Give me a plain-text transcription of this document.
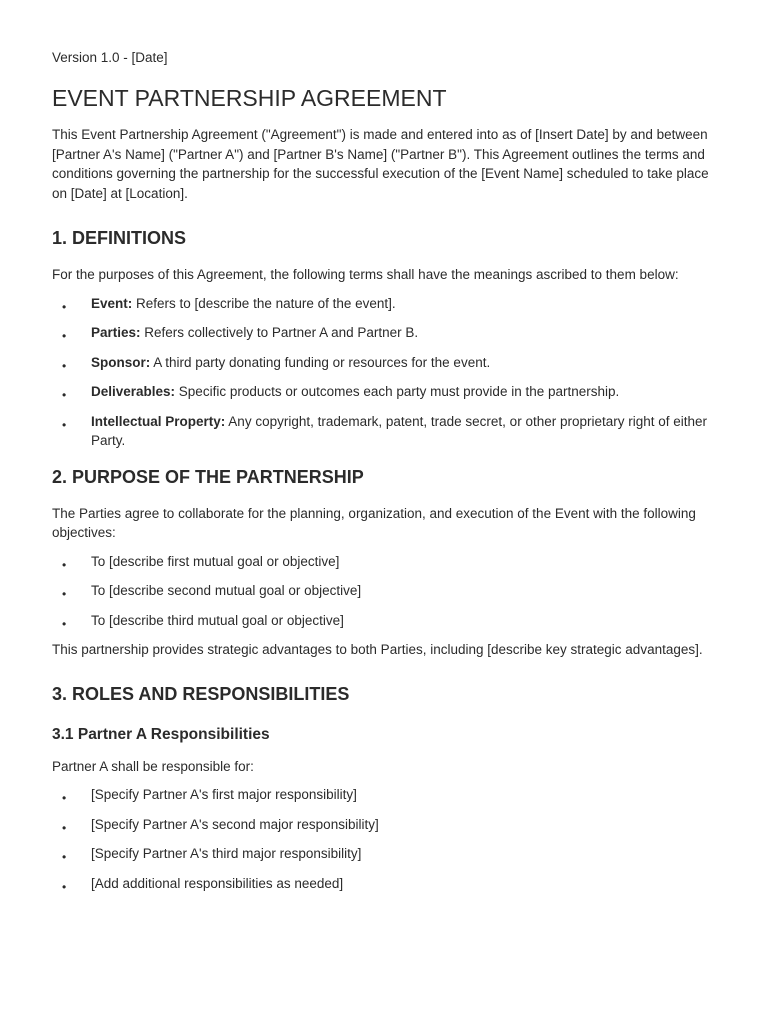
Version 1.0 - [Date]

EVENT PARTNERSHIP AGREEMENT

This Event Partnership Agreement ("Agreement") is made and entered into as of [Insert Date] by and between [Partner A's Name] ("Partner A") and [Partner B's Name] ("Partner B"). This Agreement outlines the terms and conditions governing the partnership for the successful execution of the [Event Name] scheduled to take place on [Date] at [Location].

1. DEFINITIONS

For the purposes of this Agreement, the following terms shall have the meanings ascribed to them below:

• Event: Refers to [describe the nature of the event].
• Parties: Refers collectively to Partner A and Partner B.
• Sponsor: A third party donating funding or resources for the event.
• Deliverables: Specific products or outcomes each party must provide in the partnership.
• Intellectual Property: Any copyright, trademark, patent, trade secret, or other proprietary right of either Party.
2. PURPOSE OF THE PARTNERSHIP

The Parties agree to collaborate for the planning, organization, and execution of the Event with the following objectives:

• To [describe first mutual goal or objective]
• To [describe second mutual goal or objective]
• To [describe third mutual goal or objective]

This partnership provides strategic advantages to both Parties, including [describe key strategic advantages].

3. ROLES AND RESPONSIBILITIES
3.1 Partner A Responsibilities

Partner A shall be responsible for:

• [Specify Partner A's first major responsibility]
• [Specify Partner A's second major responsibility]
• [Specify Partner A's third major responsibility]
• [Add additional responsibilities as needed]
